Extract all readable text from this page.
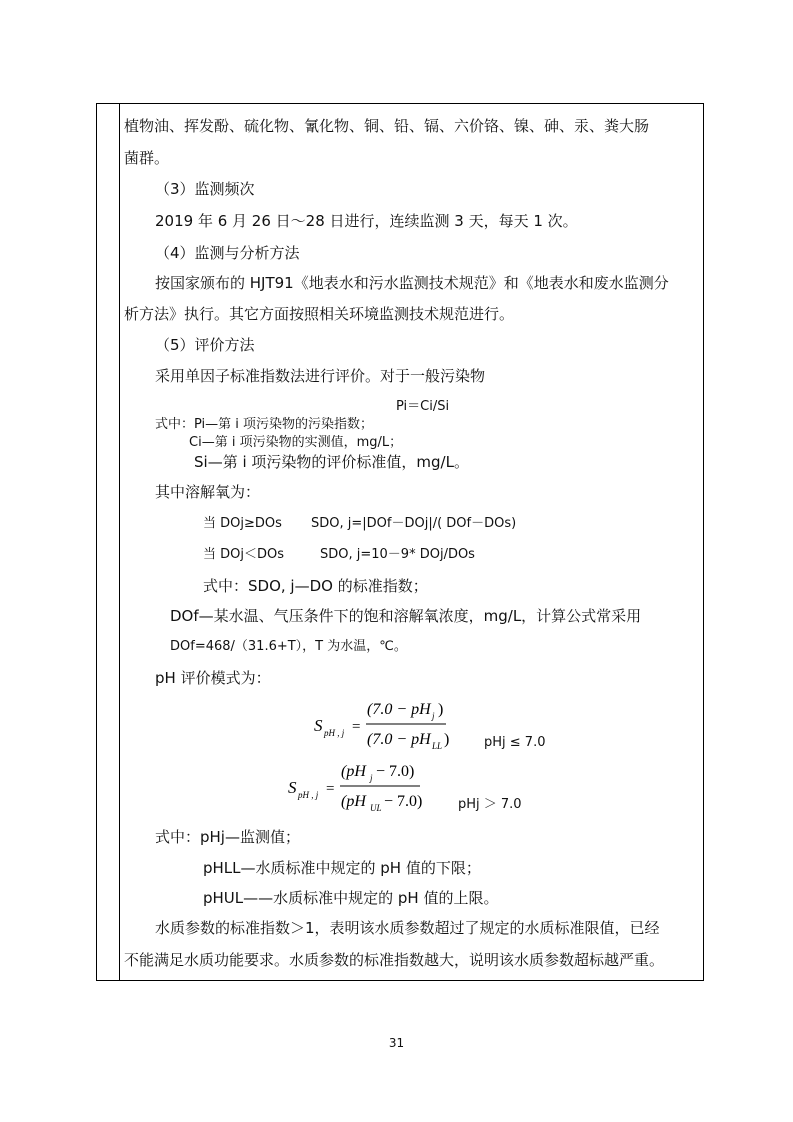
植物油、挥发酚、硫化物、氰化物、铜、铅、镉、六价铬、镍、砷、汞、粪大肠
菌群。
（3）监测频次
2019 年 6 月 26 日～28 日进行，连续监测 3 天，每天 1 次。
（4）监测与分析方法
按国家颁布的 HJT91《地表水和污水监测技术规范》和《地表水和废水监测分
析方法》执行。其它方面按照相关环境监测技术规范进行。
（5）评价方法
采用单因子标准指数法进行评价。对于一般污染物
Pi＝Ci/Si
式中：Pi—第 i 项污染物的污染指数；
Ci—第 i 项污染物的实测值，mg/L；
Si—第 i 项污染物的评价标准值，mg/L。
其中溶解氧为：
当 DOj≥DOs SDO, j=|DOf－DOj|/( DOf－DOs)
当 DOj＜DOs	SDO, j=10－9* DOj/DOs
式中：SDO, j—DO 的标准指数；
DOf—某水温、气压条件下的饱和溶解氧浓度，mg/L，计算公式常采用
DOf=468/（31.6+T），T 为水温，℃。
pH 评价模式为：
S pH , j =
(7.0 − pH j )
(7.0 − pH LL )	pHj ≤ 7.0
S pH , j =
(pH j − 7.0)
(pH UL − 7.0)	pHj ＞ 7.0
式中：pHj—监测值；
pHLL—水质标准中规定的 pH 值的下限；
pHUL——水质标准中规定的 pH 值的上限。
水质参数的标准指数＞1，表明该水质参数超过了规定的水质标准限值，已经
不能满足水质功能要求。水质参数的标准指数越大，说明该水质参数超标越严重。
31
